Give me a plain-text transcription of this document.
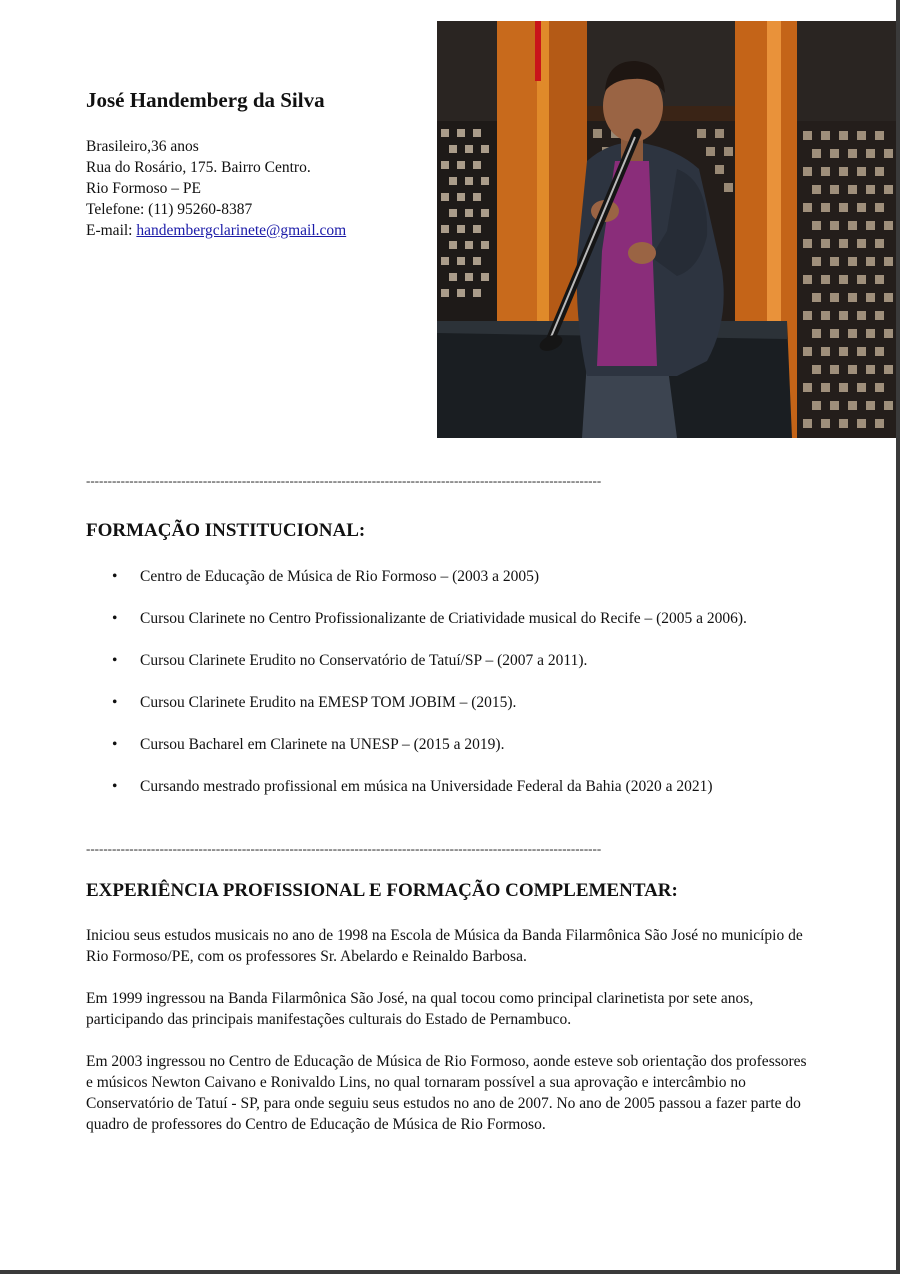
José Handemberg da Silva
Brasileiro,36 anos
Rua do Rosário, 175. Bairro Centro.
Rio Formoso – PE
Telefone: (11) 95260-8387
E-mail: handembergclarinete@gmail.com
-----------------------------------------------------------------------------------------------------------------------
FORMAÇÃO INSTITUCIONAL:
• Centro de Educação de Música de Rio Formoso – (2003 a 2005)
• Cursou Clarinete no Centro Profissionalizante de Criatividade musical do Recife – (2005 a 2006).
• Cursou Clarinete Erudito no Conservatório de Tatuí/SP – (2007 a 2011).
• Cursou Clarinete Erudito na EMESP TOM JOBIM – (2015).
• Cursou Bacharel em Clarinete na UNESP – (2015 a 2019).
• Cursando mestrado profissional em música na Universidade Federal da Bahia (2020 a 2021)
-----------------------------------------------------------------------------------------------------------------------
EXPERIÊNCIA PROFISSIONAL E FORMAÇÃO COMPLEMENTAR:

Iniciou seus estudos musicais no ano de 1998 na Escola de Música da Banda Filarmônica São José no município de Rio Formoso/PE, com os professores Sr. Abelardo e Reinaldo Barbosa.

Em 1999 ingressou na Banda Filarmônica São José, na qual tocou como principal clarinetista por sete anos, participando das principais manifestações culturais do Estado de Pernambuco.

Em 2003 ingressou no Centro de Educação de Música de Rio Formoso, aonde esteve sob orientação dos professores e músicos Newton Caivano e Ronivaldo Lins, no qual tornaram possível a sua aprovação e intercâmbio no Conservatório de Tatuí - SP, para onde seguiu seus estudos no ano de 2007. No ano de 2005 passou a fazer parte do quadro de professores do Centro de Educação de Música de Rio Formoso.
